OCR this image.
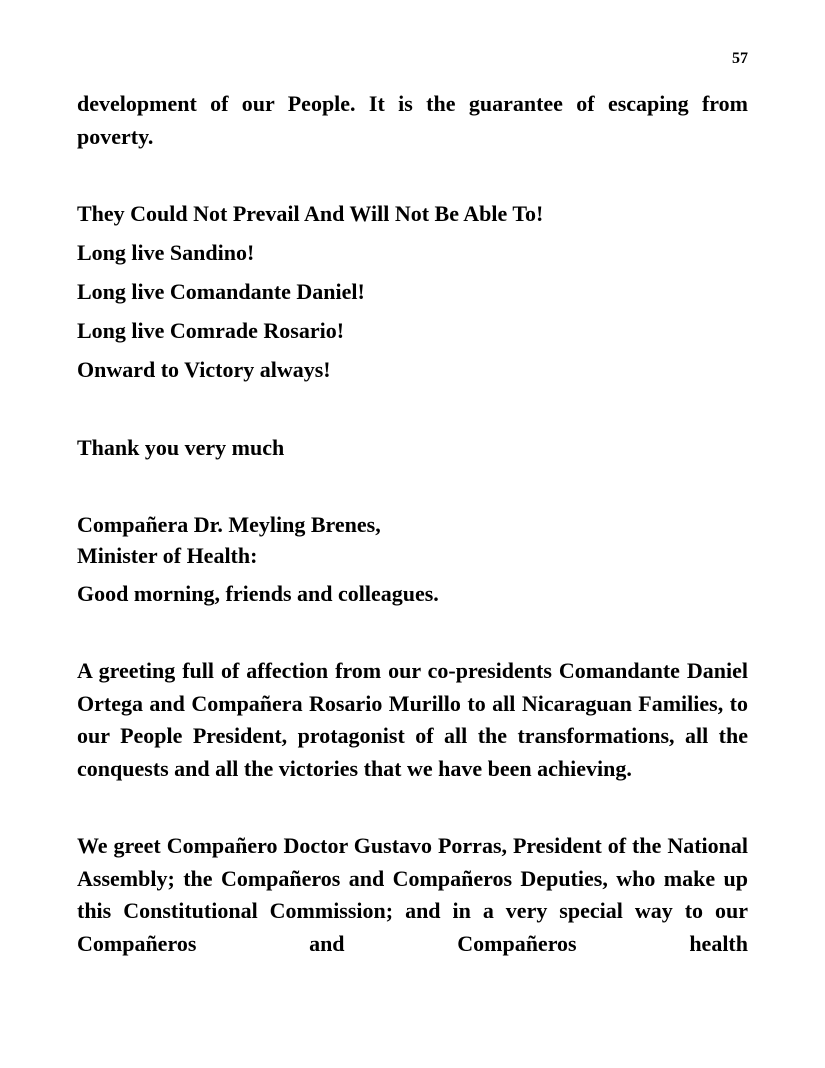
57

development of our People. It is the guarantee of escaping from poverty.

They Could Not Prevail And Will Not Be Able To!

Long live Sandino!

Long live Comandante Daniel!

Long live Comrade Rosario!

Onward to Victory always!

Thank you very much

Compañera Dr. Meyling Brenes,

Minister of Health:

Good morning, friends and colleagues.

A greeting full of affection from our co-presidents Comandante Daniel Ortega and Compañera Rosario Murillo to all Nicaraguan Families, to our People President, protagonist of all the transformations, all the conquests and all the victories that we have been achieving.

We greet Compañero Doctor Gustavo Porras, President of the National Assembly; the Compañeros and Compañeros Deputies, who make up this Constitutional Commission; and in a very special way to our Compañeros and Compañeros health
